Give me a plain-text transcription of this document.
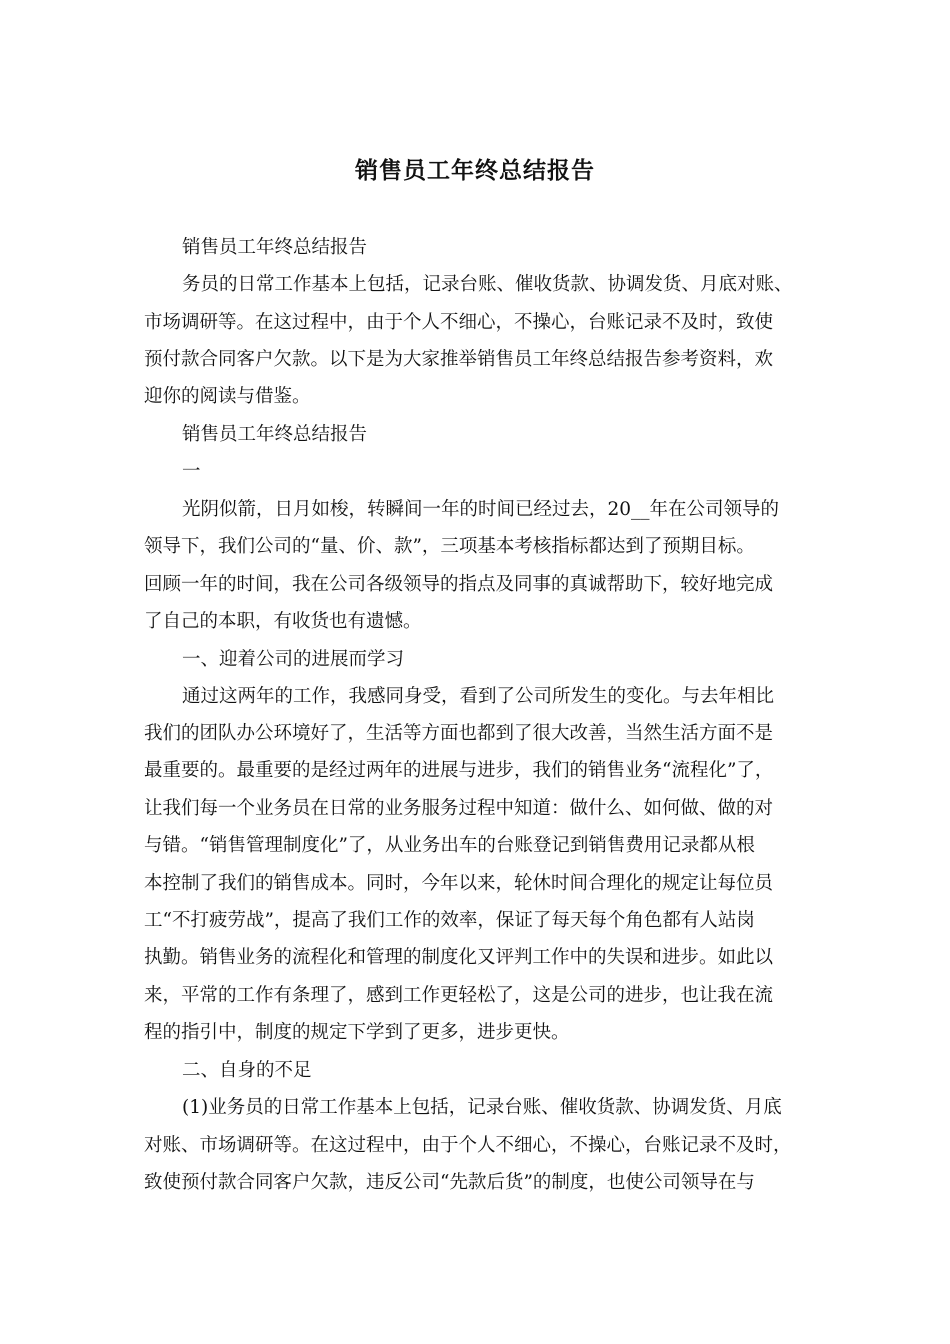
销售员工年终总结报告

销售员工年终总结报告

务员的日常工作基本上包括，记录台账、催收货款、协调发货、月底对账、

市场调研等。在这过程中，由于个人不细心，不操心，台账记录不及时，致使

预付款合同客户欠款。以下是为大家推举销售员工年终总结报告参考资料，欢

迎你的阅读与借鉴。

销售员工年终总结报告

一

光阴似箭，日月如梭，转瞬间一年的时间已经过去，20__年在公司领导的

领导下，我们公司的“量、价、款”，三项基本考核指标都达到了预期目标。

回顾一年的时间，我在公司各级领导的指点及同事的真诚帮助下，较好地完成

了自己的本职，有收货也有遗憾。

一、迎着公司的进展而学习

通过这两年的工作，我感同身受，看到了公司所发生的变化。与去年相比

我们的团队办公环境好了，生活等方面也都到了很大改善，当然生活方面不是

最重要的。最重要的是经过两年的进展与进步，我们的销售业务“流程化”了，

让我们每一个业务员在日常的业务服务过程中知道：做什么、如何做、做的对

与错。“销售管理制度化”了，从业务出车的台账登记到销售费用记录都从根

本控制了我们的销售成本。同时，今年以来，轮休时间合理化的规定让每位员

工“不打疲劳战”，提高了我们工作的效率，保证了每天每个角色都有人站岗

执勤。销售业务的流程化和管理的制度化又评判工作中的失误和进步。如此以

来，平常的工作有条理了，感到工作更轻松了，这是公司的进步，也让我在流

程的指引中，制度的规定下学到了更多，进步更快。

二、自身的不足

(1)业务员的日常工作基本上包括，记录台账、催收货款、协调发货、月底

对账、市场调研等。在这过程中，由于个人不细心，不操心，台账记录不及时，

致使预付款合同客户欠款，违反公司“先款后货”的制度，也使公司领导在与
